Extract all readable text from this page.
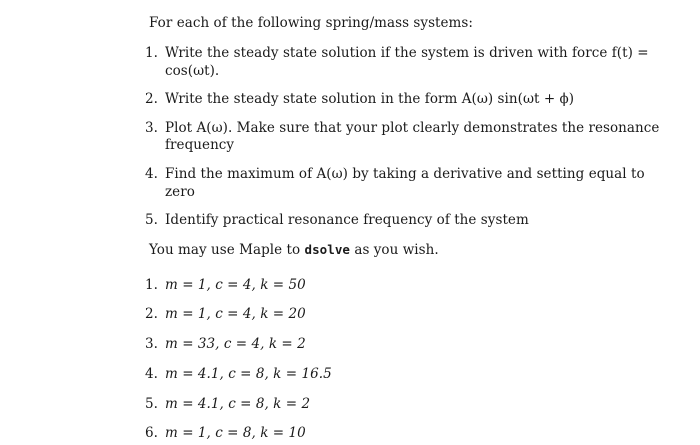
For each of the following spring/mass systems:
1. Write the steady state solution if the system is driven with force f(t) =
cos(ωt).
2. Write the steady state solution in the form A(ω) sin(ωt + ϕ)
3. Plot A(ω). Make sure that your plot clearly demonstrates the resonance
frequency
4. Find the maximum of A(ω) by taking a derivative and setting equal to
zero
5. Identify practical resonance frequency of the system
You may use Maple to dsolve as you wish.
1. m = 1, c = 4, k = 50
2. m = 1, c = 4, k = 20
3. m = 33, c = 4, k = 2
4. m = 4.1, c = 8, k = 16.5
5. m = 4.1, c = 8, k = 2
6. m = 1, c = 8, k = 10
